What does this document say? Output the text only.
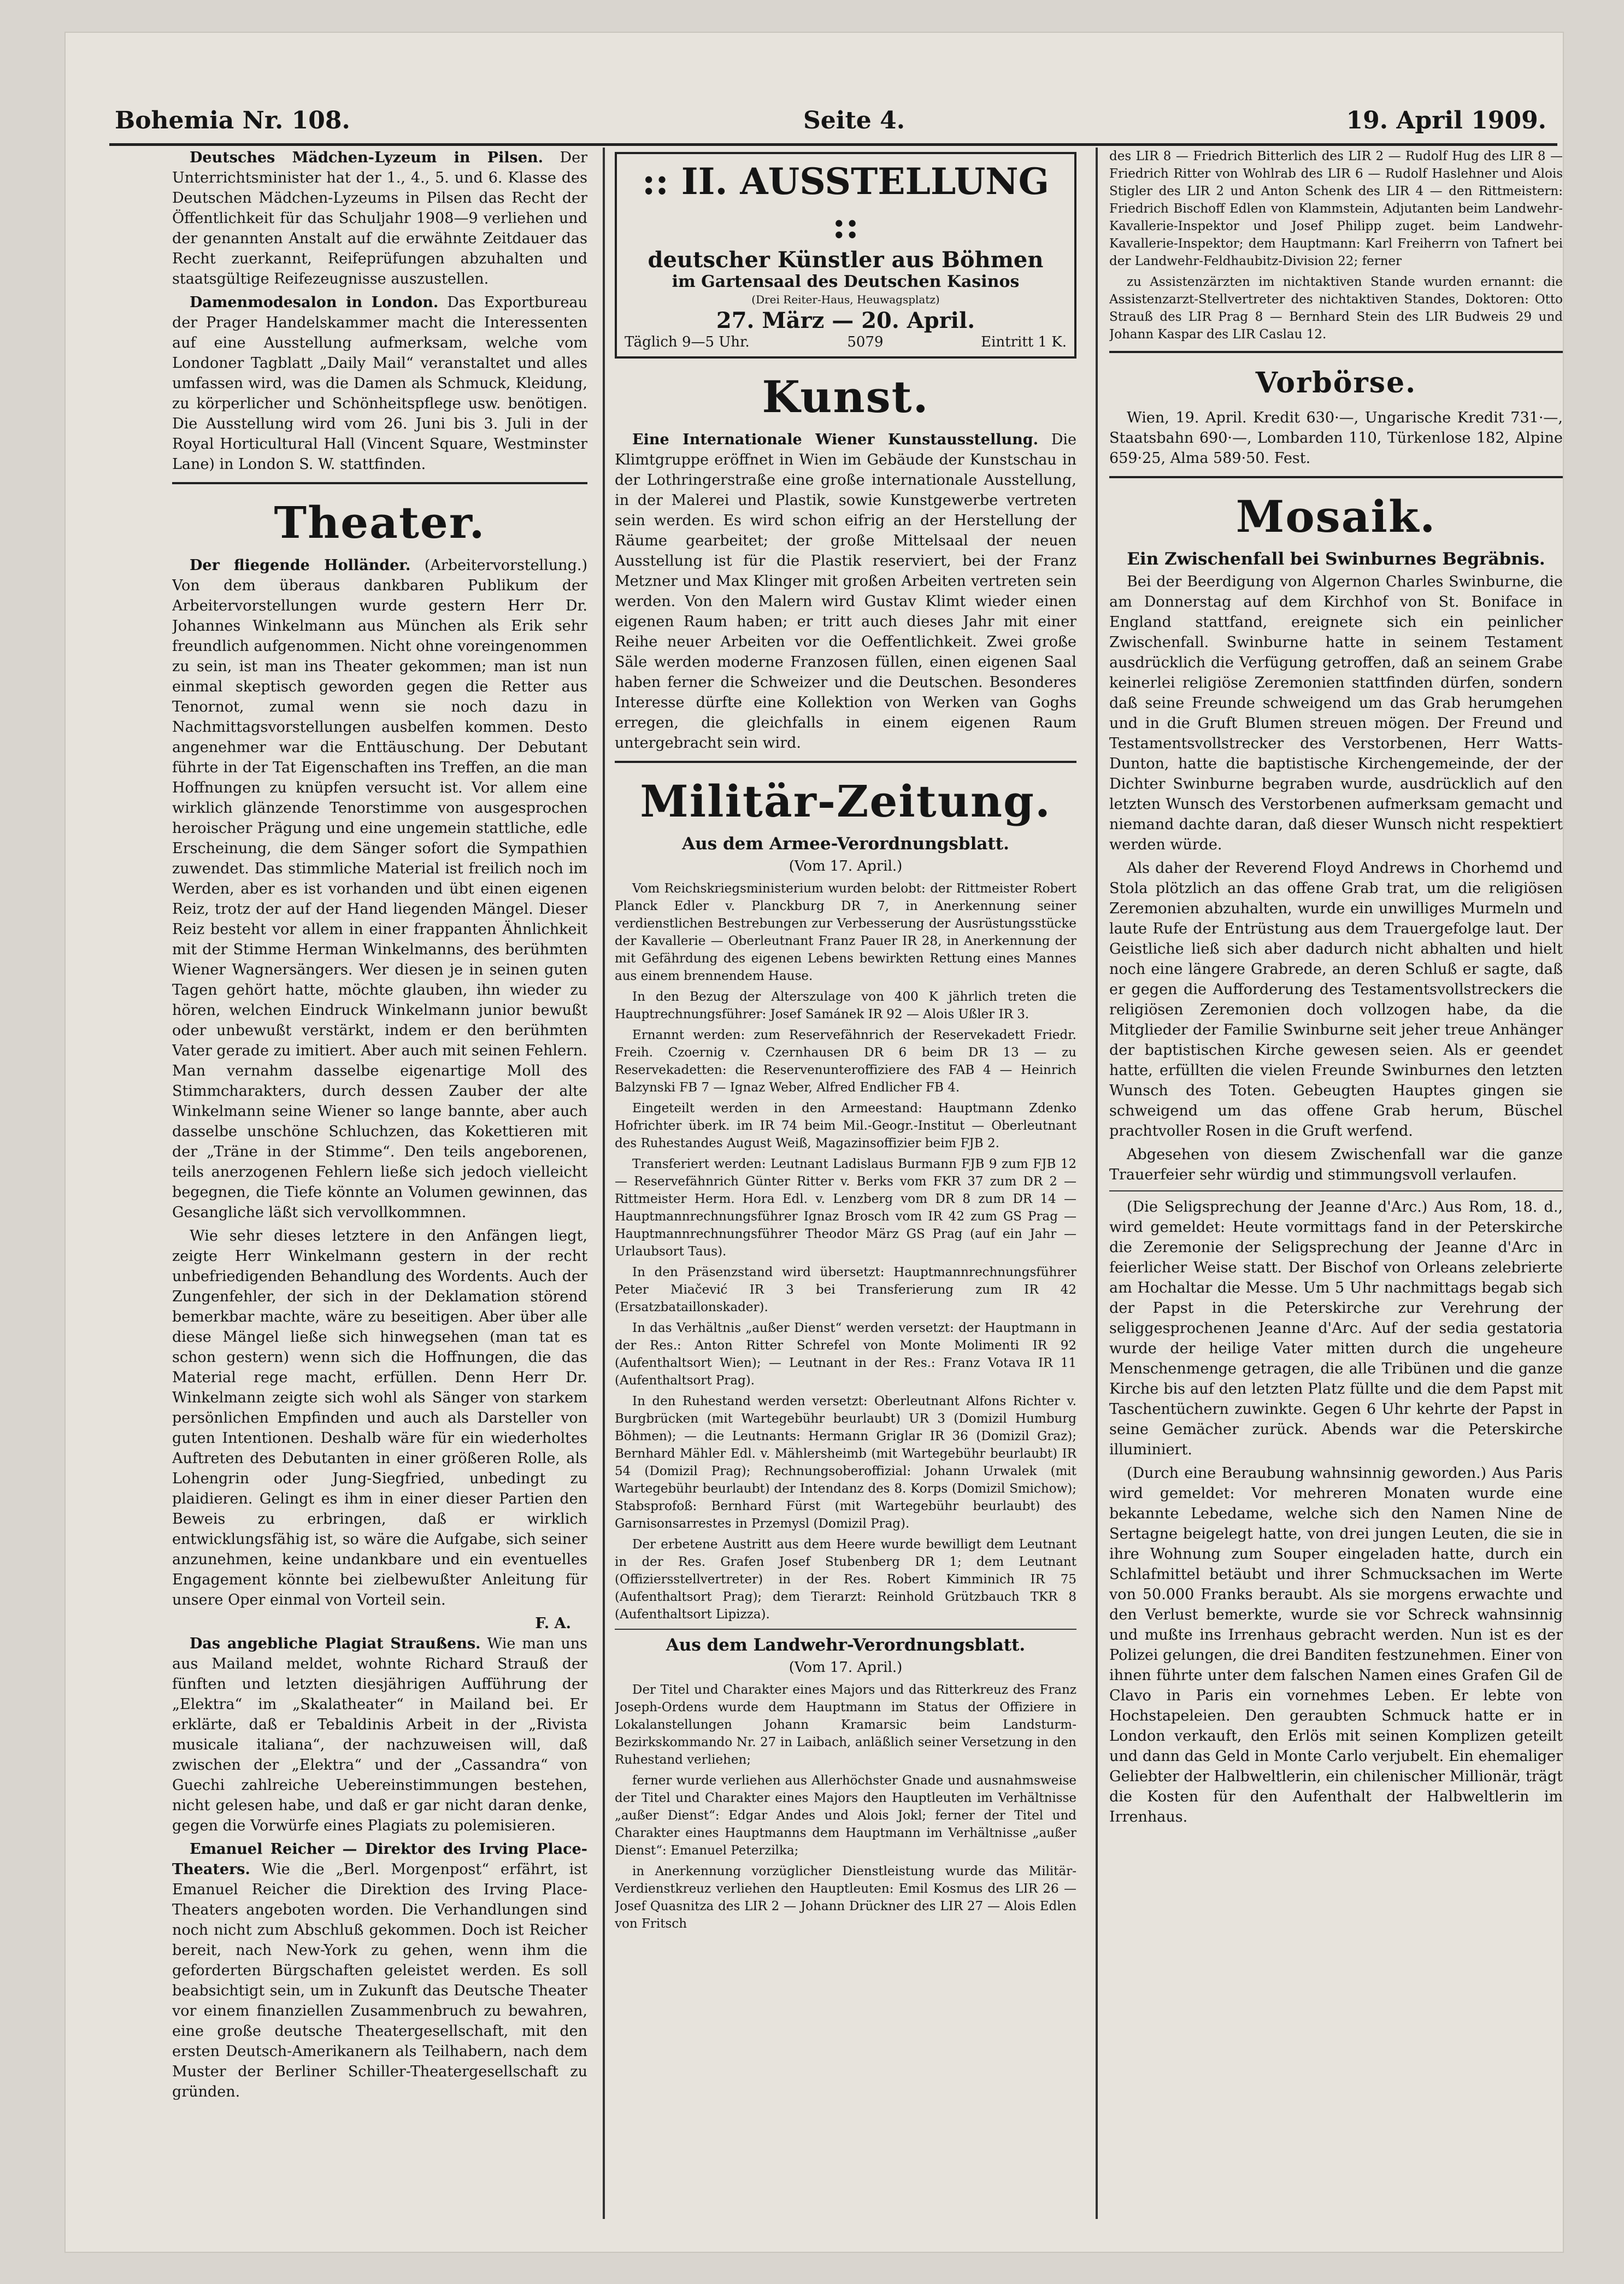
Bohemia Nr. 108.	Seite 4.	19. April 1909.

Deutsches Mädchen-Lyzeum in Pilsen. Der Unterrichtsminister hat der 1., 4., 5. und 6. Klasse des Deutschen Mädchen-Lyzeums in Pilsen das Recht der Öffentlichkeit für das Schuljahr 1908—9 verliehen und der genannten Anstalt auf die erwähnte Zeitdauer das Recht zuerkannt, Reifeprüfungen abzuhalten und staatsgültige Reifezeugnisse auszustellen.

Damenmodesalon in London. Das Exportbureau der Prager Handelskammer macht die Interessenten auf eine Ausstellung aufmerksam, welche vom Londoner Tagblatt „Daily Mail“ veranstaltet und alles umfassen wird, was die Damen als Schmuck, Kleidung, zu körperlicher und Schönheitspflege usw. benötigen. Die Ausstellung wird vom 26. Juni bis 3. Juli in der Royal Horticultural Hall (Vincent Square, Westminster Lane) in London S. W. stattfinden.

Theater.

Der fliegende Holländer. (Arbeitervorstellung.) Von dem überaus dankbaren Publikum der Arbeitervorstellungen wurde gestern Herr Dr. Johannes Winkelmann aus München als Erik sehr freundlich aufgenommen. Nicht ohne voreingenommen zu sein, ist man ins Theater gekommen; man ist nun einmal skeptisch geworden gegen die Retter aus Tenornot, zumal wenn sie noch dazu in Nachmittagsvorstellungen ausbelfen kommen. Desto angenehmer war die Enttäuschung. Der Debutant führte in der Tat Eigenschaften ins Treffen, an die man Hoffnungen zu knüpfen versucht ist. Vor allem eine wirklich glänzende Tenorstimme von ausgesprochen heroischer Prägung und eine ungemein stattliche, edle Erscheinung, die dem Sänger sofort die Sympathien zuwendet. Das stimmliche Material ist freilich noch im Werden, aber es ist vorhanden und übt einen eigenen Reiz, trotz der auf der Hand liegenden Mängel. Dieser Reiz besteht vor allem in einer frappanten Ähnlichkeit mit der Stimme Herman Winkelmanns, des berühmten Wiener Wagnersängers. Wer diesen je in seinen guten Tagen gehört hatte, möchte glauben, ihn wieder zu hören, welchen Eindruck Winkelmann junior bewußt oder unbewußt verstärkt, indem er den berühmten Vater gerade zu imitiert. Aber auch mit seinen Fehlern. Man vernahm dasselbe eigenartige Moll des Stimmcharakters, durch dessen Zauber der alte Winkelmann seine Wiener so lange bannte, aber auch dasselbe unschöne Schluchzen, das Kokettieren mit der „Träne in der Stimme“. Den teils angeborenen, teils anerzogenen Fehlern ließe sich jedoch vielleicht begegnen, die Tiefe könnte an Volumen gewinnen, das Gesangliche läßt sich vervollkommnen.

Wie sehr dieses letztere in den Anfängen liegt, zeigte Herr Winkelmann gestern in der recht unbefriedigenden Behandlung des Wordents. Auch der Zungenfehler, der sich in der Deklamation störend bemerkbar machte, wäre zu beseitigen. Aber über alle diese Mängel ließe sich hinwegsehen (man tat es schon gestern) wenn sich die Hoffnungen, die das Material rege macht, erfüllen. Denn Herr Dr. Winkelmann zeigte sich wohl als Sänger von starkem persönlichen Empfinden und auch als Darsteller von guten Intentionen. Deshalb wäre für ein wiederholtes Auftreten des Debutanten in einer größeren Rolle, als Lohengrin oder Jung-Siegfried, unbedingt zu plaidieren. Gelingt es ihm in einer dieser Partien den Beweis zu erbringen, daß er wirklich entwicklungsfähig ist, so wäre die Aufgabe, sich seiner anzunehmen, keine undankbare und ein eventuelles Engagement könnte bei zielbewußter Anleitung für unsere Oper einmal von Vorteil sein.

F. A.

Das angebliche Plagiat Straußens. Wie man uns aus Mailand meldet, wohnte Richard Strauß der fünften und letzten diesjährigen Aufführung der „Elektra“ im „Skalatheater“ in Mailand bei. Er erklärte, daß er Tebaldinis Arbeit in der „Rivista musicale italiana“, der nachzuweisen will, daß zwischen der „Elektra“ und der „Cassandra“ von Guechi zahlreiche Uebereinstimmungen bestehen, nicht gelesen habe, und daß er gar nicht daran denke, gegen die Vorwürfe eines Plagiats zu polemisieren.

Emanuel Reicher — Direktor des Irving Place-Theaters. Wie die „Berl. Morgenpost“ erfährt, ist Emanuel Reicher die Direktion des Irving Place-Theaters angeboten worden. Die Verhandlungen sind noch nicht zum Abschluß gekommen. Doch ist Reicher bereit, nach New-York zu gehen, wenn ihm die geforderten Bürgschaften geleistet werden. Es soll beabsichtigt sein, um in Zukunft das Deutsche Theater vor einem finanziellen Zusammenbruch zu bewahren, eine große deutsche Theatergesellschaft, mit den ersten Deutsch-Amerikanern als Teilhabern, nach dem Muster der Berliner Schiller-Theatergesellschaft zu gründen.

:: II. AUSSTELLUNG ::
deutscher Künstler aus Böhmen
im Gartensaal des Deutschen Kasinos
(Drei Reiter-Haus, Heuwagsplatz)
27. März — 20. April.
Täglich 9—5 Uhr.	5079	Eintritt 1 K.
Kunst.

Eine Internationale Wiener Kunstausstellung. Die Klimtgruppe eröffnet in Wien im Gebäude der Kunstschau in der Lothringerstraße eine große internationale Ausstellung, in der Malerei und Plastik, sowie Kunstgewerbe vertreten sein werden. Es wird schon eifrig an der Herstellung der Räume gearbeitet; der große Mittelsaal der neuen Ausstellung ist für die Plastik reserviert, bei der Franz Metzner und Max Klinger mit großen Arbeiten vertreten sein werden. Von den Malern wird Gustav Klimt wieder einen eigenen Raum haben; er tritt auch dieses Jahr mit einer Reihe neuer Arbeiten vor die Oeffentlichkeit. Zwei große Säle werden moderne Franzosen füllen, einen eigenen Saal haben ferner die Schweizer und die Deutschen. Besonderes Interesse dürfte eine Kollektion von Werken van Goghs erregen, die gleichfalls in einem eigenen Raum untergebracht sein wird.

Militär-Zeitung.
Aus dem Armee-Verordnungsblatt.
(Vom 17. April.)

Vom Reichskriegsministerium wurden belobt: der Rittmeister Robert Planck Edler v. Planckburg DR 7, in Anerkennung seiner verdienstlichen Bestrebungen zur Verbesserung der Ausrüstungsstücke der Kavallerie — Oberleutnant Franz Pauer IR 28, in Anerkennung der mit Gefährdung des eigenen Lebens bewirkten Rettung eines Mannes aus einem brennendem Hause.

In den Bezug der Alterszulage von 400 K jährlich treten die Hauptrechnungsführer: Josef Samánek IR 92 — Alois Ußler IR 3.

Ernannt werden: zum Reservefähnrich der Reservekadett Friedr. Freih. Czoernig v. Czernhausen DR 6 beim DR 13 — zu Reservekadetten: die Reservenunteroffiziere des FAB 4 — Heinrich Balzynski FB 7 — Ignaz Weber, Alfred Endlicher FB 4.

Eingeteilt werden in den Armeestand: Hauptmann Zdenko Hofrichter überk. im IR 74 beim Mil.-Geogr.-Institut — Oberleutnant des Ruhestandes August Weiß, Magazinsoffizier beim FJB 2.

Transferiert werden: Leutnant Ladislaus Burmann FJB 9 zum FJB 12 — Reservefähnrich Günter Ritter v. Berks vom FKR 37 zum DR 2 — Rittmeister Herm. Hora Edl. v. Lenzberg vom DR 8 zum DR 14 — Hauptmannrechnungsführer Ignaz Brosch vom IR 42 zum GS Prag — Hauptmannrechnungsführer Theodor März GS Prag (auf ein Jahr — Urlaubsort Taus).

In den Präsenzstand wird übersetzt: Hauptmannrechnungsführer Peter Miačević IR 3 bei Transferierung zum IR 42 (Ersatzbataillonskader).

In das Verhältnis „außer Dienst“ werden versetzt: der Hauptmann in der Res.: Anton Ritter Schrefel von Monte Molimenti IR 92 (Aufenthaltsort Wien); — Leutnant in der Res.: Franz Votava IR 11 (Aufenthaltsort Prag).

In den Ruhestand werden versetzt: Oberleutnant Alfons Richter v. Burgbrücken (mit Wartegebühr beurlaubt) UR 3 (Domizil Humburg Böhmen); — die Leutnants: Hermann Griglar IR 36 (Domizil Graz); Bernhard Mähler Edl. v. Mählersheimb (mit Wartegebühr beurlaubt) IR 54 (Domizil Prag); Rechnungsoberoffizial: Johann Urwalek (mit Wartegebühr beurlaubt) der Intendanz des 8. Korps (Domizil Smichow); Stabsprofoß: Bernhard Fürst (mit Wartegebühr beurlaubt) des Garnisonsarrestes in Przemysl (Domizil Prag).

Der erbetene Austritt aus dem Heere wurde bewilligt dem Leutnant in der Res. Grafen Josef Stubenberg DR 1; dem Leutnant (Offiziersstellvertreter) in der Res. Robert Kimminich IR 75 (Aufenthaltsort Prag); dem Tierarzt: Reinhold Grützbauch TKR 8 (Aufenthaltsort Lipizza).

Aus dem Landwehr-Verordnungsblatt.
(Vom 17. April.)

Der Titel und Charakter eines Majors und das Ritterkreuz des Franz Joseph-Ordens wurde dem Hauptmann im Status der Offiziere in Lokalanstellungen Johann Kramarsic beim Landsturm-Bezirkskommando Nr. 27 in Laibach, anläßlich seiner Versetzung in den Ruhestand verliehen;

ferner wurde verliehen aus Allerhöchster Gnade und ausnahmsweise der Titel und Charakter eines Majors den Hauptleuten im Verhältnisse „außer Dienst“: Edgar Andes und Alois Jokl; ferner der Titel und Charakter eines Hauptmanns dem Hauptmann im Verhältnisse „außer Dienst“: Emanuel Peterzilka;

in Anerkennung vorzüglicher Dienstleistung wurde das Militär-Verdienstkreuz verliehen den Hauptleuten: Emil Kosmus des LIR 26 — Josef Quasnitza des LIR 2 — Johann Drückner des LIR 27 — Alois Edlen von Fritsch

des LIR 8 — Friedrich Bitterlich des LIR 2 — Rudolf Hug des LIR 8 — Friedrich Ritter von Wohlrab des LIR 6 — Rudolf Haslehner und Alois Stigler des LIR 2 und Anton Schenk des LIR 4 — den Rittmeistern: Friedrich Bischoff Edlen von Klammstein, Adjutanten beim Landwehr-Kavallerie-Inspektor und Josef Philipp zuget. beim Landwehr-Kavallerie-Inspektor; dem Hauptmann: Karl Freiherrn von Tafnert bei der Landwehr-Feldhaubitz-Division 22; ferner

zu Assistenzärzten im nichtaktiven Stande wurden ernannt: die Assistenzarzt-Stellvertreter des nichtaktiven Standes, Doktoren: Otto Strauß des LIR Prag 8 — Bernhard Stein des LIR Budweis 29 und Johann Kaspar des LIR Caslau 12.

Vorbörse.

Wien, 19. April. Kredit 630·—, Ungarische Kredit 731·—, Staatsbahn 690·—, Lombarden 110, Türkenlose 182, Alpine 659·25, Alma 589·50. Fest.

Mosaik.
Ein Zwischenfall bei Swinburnes Begräbnis.

Bei der Beerdigung von Algernon Charles Swinburne, die am Donnerstag auf dem Kirchhof von St. Boniface in England stattfand, ereignete sich ein peinlicher Zwischenfall. Swinburne hatte in seinem Testament ausdrücklich die Verfügung getroffen, daß an seinem Grabe keinerlei religiöse Zeremonien stattfinden dürfen, sondern daß seine Freunde schweigend um das Grab herumgehen und in die Gruft Blumen streuen mögen. Der Freund und Testamentsvollstrecker des Verstorbenen, Herr Watts-Dunton, hatte die baptistische Kirchengemeinde, der der Dichter Swinburne begraben wurde, ausdrücklich auf den letzten Wunsch des Verstorbenen aufmerksam gemacht und niemand dachte daran, daß dieser Wunsch nicht respektiert werden würde.

Als daher der Reverend Floyd Andrews in Chorhemd und Stola plötzlich an das offene Grab trat, um die religiösen Zeremonien abzuhalten, wurde ein unwilliges Murmeln und laute Rufe der Entrüstung aus dem Trauergefolge laut. Der Geistliche ließ sich aber dadurch nicht abhalten und hielt noch eine längere Grabrede, an deren Schluß er sagte, daß er gegen die Aufforderung des Testamentsvollstreckers die religiösen Zeremonien doch vollzogen habe, da die Mitglieder der Familie Swinburne seit jeher treue Anhänger der baptistischen Kirche gewesen seien. Als er geendet hatte, erfüllten die vielen Freunde Swinburnes den letzten Wunsch des Toten. Gebeugten Hauptes gingen sie schweigend um das offene Grab herum, Büschel prachtvoller Rosen in die Gruft werfend.

Abgesehen von diesem Zwischenfall war die ganze Trauerfeier sehr würdig und stimmungsvoll verlaufen.

(Die Seligsprechung der Jeanne d'Arc.) Aus Rom, 18. d., wird gemeldet: Heute vormittags fand in der Peterskirche die Zeremonie der Seligsprechung der Jeanne d'Arc in feierlicher Weise statt. Der Bischof von Orleans zelebrierte am Hochaltar die Messe. Um 5 Uhr nachmittags begab sich der Papst in die Peterskirche zur Verehrung der seliggesprochenen Jeanne d'Arc. Auf der sedia gestatoria wurde der heilige Vater mitten durch die ungeheure Menschenmenge getragen, die alle Tribünen und die ganze Kirche bis auf den letzten Platz füllte und die dem Papst mit Taschentüchern zuwinkte. Gegen 6 Uhr kehrte der Papst in seine Gemächer zurück. Abends war die Peterskirche illuminiert.

(Durch eine Beraubung wahnsinnig geworden.) Aus Paris wird gemeldet: Vor mehreren Monaten wurde eine bekannte Lebedame, welche sich den Namen Nine de Sertagne beigelegt hatte, von drei jungen Leuten, die sie in ihre Wohnung zum Souper eingeladen hatte, durch ein Schlafmittel betäubt und ihrer Schmucksachen im Werte von 50.000 Franks beraubt. Als sie morgens erwachte und den Verlust bemerkte, wurde sie vor Schreck wahnsinnig und mußte ins Irrenhaus gebracht werden. Nun ist es der Polizei gelungen, die drei Banditen festzunehmen. Einer von ihnen führte unter dem falschen Namen eines Grafen Gil de Clavo in Paris ein vornehmes Leben. Er lebte von Hochstapeleien. Den geraubten Schmuck hatte er in London verkauft, den Erlös mit seinen Komplizen geteilt und dann das Geld in Monte Carlo verjubelt. Ein ehemaliger Geliebter der Halbweltlerin, ein chilenischer Millionär, trägt die Kosten für den Aufenthalt der Halbweltlerin im Irrenhaus.
